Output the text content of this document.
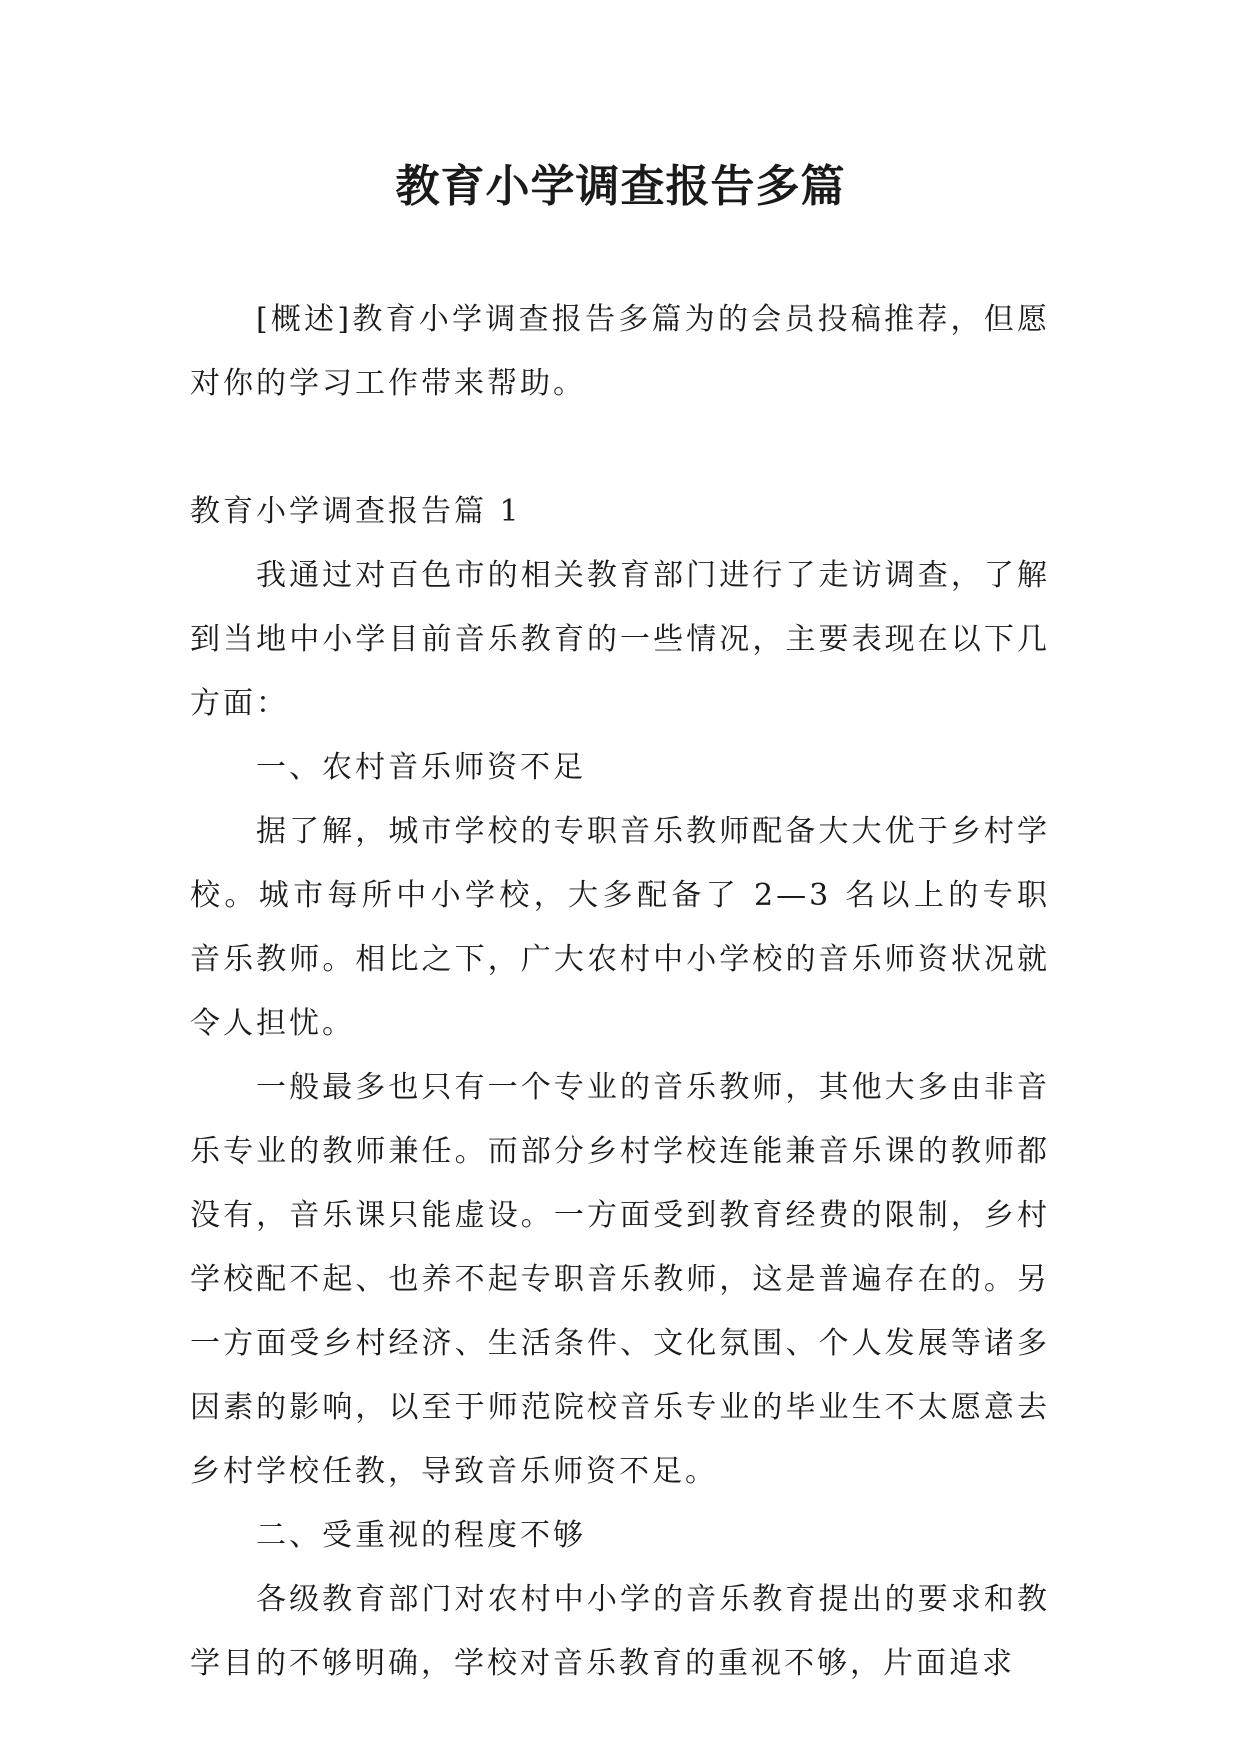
教育小学调查报告多篇

[概述]教育小学调查报告多篇为的会员投稿推荐，但愿对你的学习工作带来帮助。

教育小学调查报告篇 1

我通过对百色市的相关教育部门进行了走访调查，了解到当地中小学目前音乐教育的一些情况，主要表现在以下几方面：

一、农村音乐师资不足

据了解，城市学校的专职音乐教师配备大大优于乡村学校。城市每所中小学校，大多配备了 2—3 名以上的专职音乐教师。相比之下，广大农村中小学校的音乐师资状况就令人担忧。

一般最多也只有一个专业的音乐教师，其他大多由非音乐专业的教师兼任。而部分乡村学校连能兼音乐课的教师都没有，音乐课只能虚设。一方面受到教育经费的限制，乡村学校配不起、也养不起专职音乐教师，这是普遍存在的。另一方面受乡村经济、生活条件、文化氛围、个人发展等诸多因素的影响，以至于师范院校音乐专业的毕业生不太愿意去乡村学校任教，导致音乐师资不足。

二、受重视的程度不够

各级教育部门对农村中小学的音乐教育提出的要求和教学目的不够明确，学校对音乐教育的重视不够，片面追求
